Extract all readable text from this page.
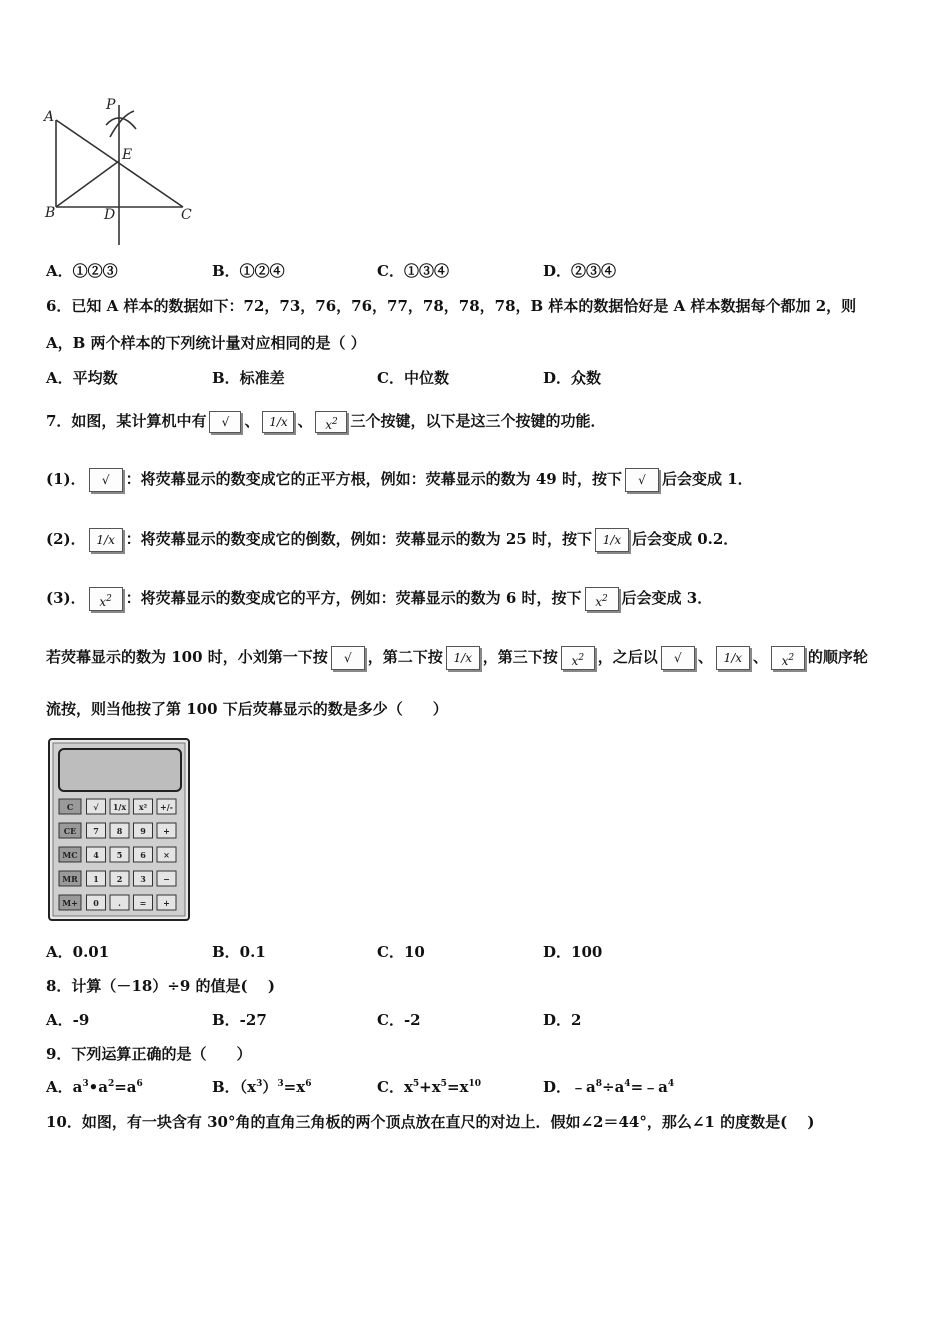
A
P
E
B	D	C
A．①②③	B．①②④	C．①③④	D．②③④
6．已知 A 样本的数据如下：72，73，76，76，77，78，78，78，B 样本的数据恰好是 A 样本数据每个都加 2，则
A，B 两个样本的下列统计量对应相同的是（ ）
A．平均数	B．标准差	C．中位数	D．众数
7．如图，某计算机中有 √ 、 1/x 、 $x^2$ 三个按键，以下是这三个按键的功能．
(1)． √ ：将荧幕显示的数变成它的正平方根，例如：荧幕显示的数为 49 时，按下 √ 后会变成 1．
(2)． 1/x ：将荧幕显示的数变成它的倒数，例如：荧幕显示的数为 25 时，按下 1/x 后会变成 0.2．
(3)． $x^2$ ：将荧幕显示的数变成它的平方，例如：荧幕显示的数为 6 时，按下 $x^2$ 后会变成 3．
若荧幕显示的数为 100 时，小刘第一下按 √ ，第二下按 1/x ，第三下按 $x^2$ ，之后以 √ 、 1/x 、 $x^2$ 的顺序轮
流按，则当他按了第 100 下后荧幕显示的数是多少（　　）
C	√ 1/x x² +/-
CE 7 8 9 +
MC 4 5 6 ×
MR 1 2 3 −
M+ 0 . = +
A．0.01	B．0.1	C．10	D．100
8．计算（－18）÷9 的值是(　 )
A．-9	B．-27	C．-2	D．2
9．下列运算正确的是（　　）
A．$a^3•a^2=a^6$	B．$(x^3)^3=x^6$	C．$x^5+x^5=x^{10}$	D．$﹣a^8\div a^4=﹣a^4$
10．如图，有一块含有 30°角的直角三角板的两个顶点放在直尺的对边上．假如∠2＝44°，那么∠1 的度数是(　 )
